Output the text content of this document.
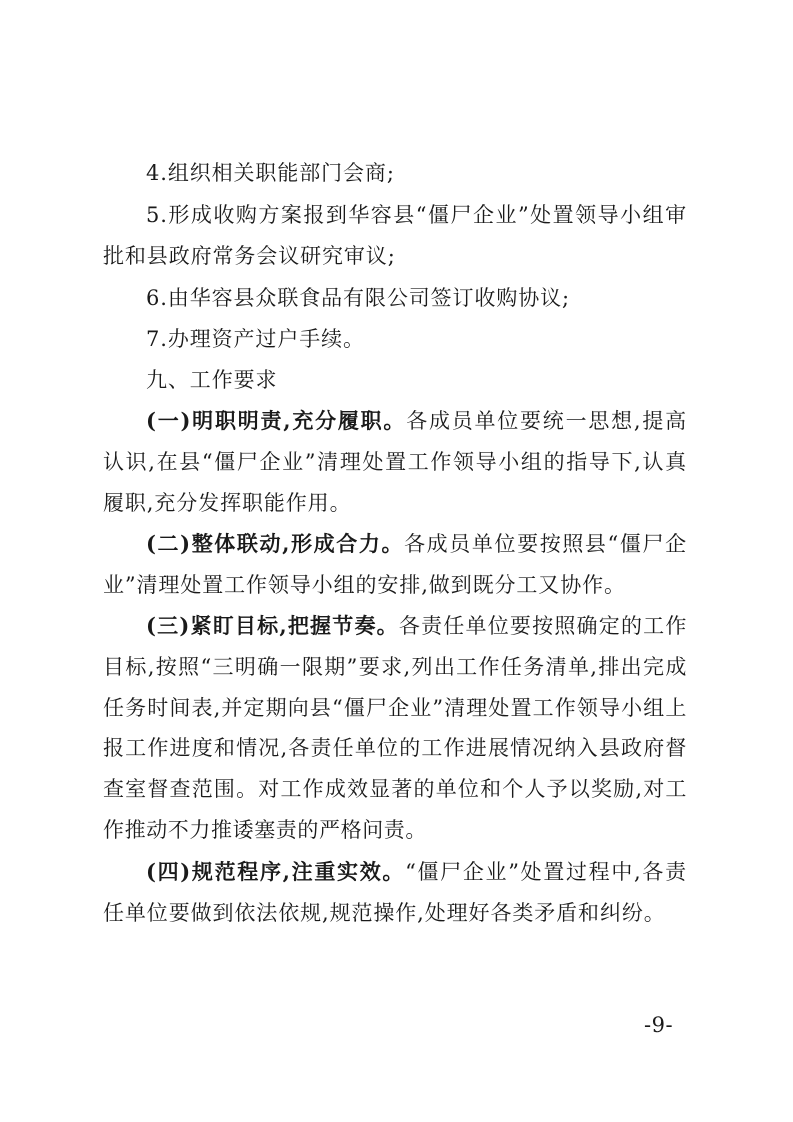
4.组织相关职能部门会商;

5.形成收购方案报到华容县“僵尸企业”处置领导小组审批和县政府常务会议研究审议;

6.由华容县众联食品有限公司签订收购协议;

7.办理资产过户手续。

九、工作要求

(一)明职明责,充分履职。各成员单位要统一思想,提高认识,在县“僵尸企业”清理处置工作领导小组的指导下,认真履职,充分发挥职能作用。

(二)整体联动,形成合力。各成员单位要按照县“僵尸企业”清理处置工作领导小组的安排,做到既分工又协作。

(三)紧盯目标,把握节奏。各责任单位要按照确定的工作目标,按照“三明确一限期”要求,列出工作任务清单,排出完成任务时间表,并定期向县“僵尸企业”清理处置工作领导小组上报工作进度和情况,各责任单位的工作进展情况纳入县政府督查室督查范围。对工作成效显著的单位和个人予以奖励,对工作推动不力推诿塞责的严格问责。

(四)规范程序,注重实效。“僵尸企业”处置过程中,各责任单位要做到依法依规,规范操作,处理好各类矛盾和纠纷。

-9-
